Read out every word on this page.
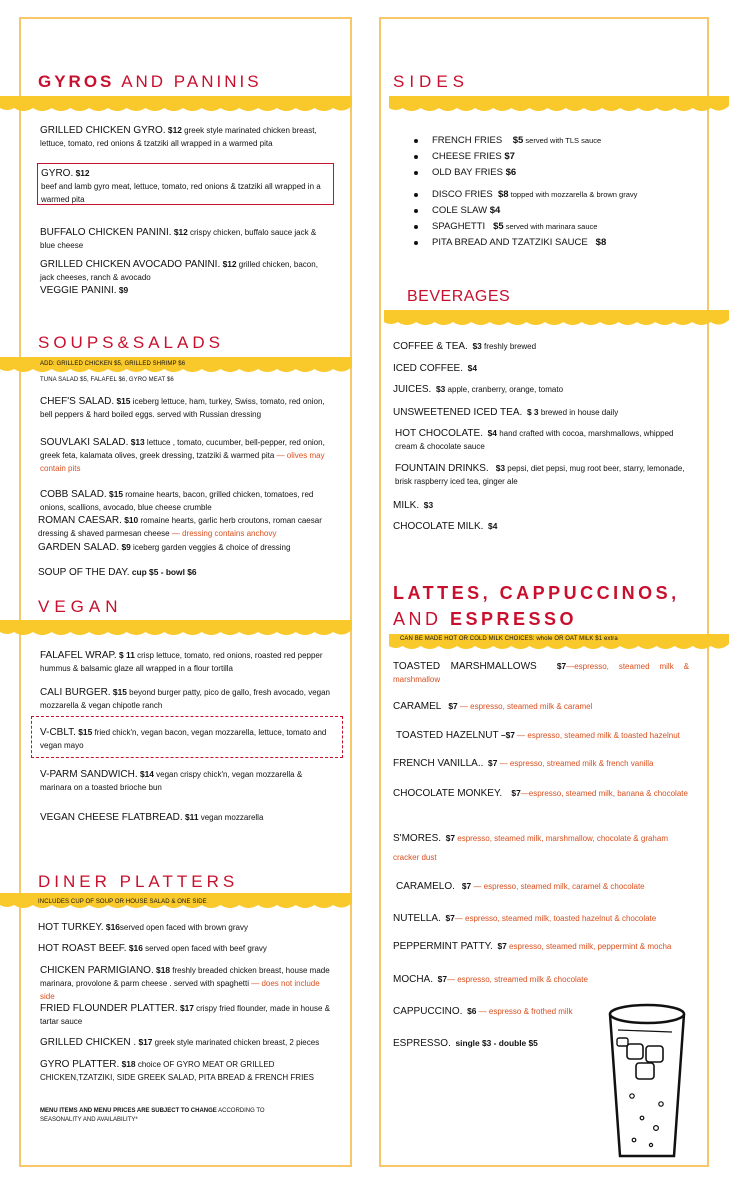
GYROS AND PANINIS
GRILLED CHICKEN GYRO. $12 greek style marinated chicken breast, lettuce, tomato, red onions & tzatziki all wrapped in a warmed pita
GYRO. $12
beef and lamb gyro meat, lettuce, tomato, red onions & tzatziki all wrapped in a warmed pita
BUFFALO CHICKEN PANINI. $12 crispy chicken, buffalo sauce jack & blue cheese
GRILLED CHICKEN AVOCADO PANINI. $12 grilled chicken, bacon, jack cheeses, ranch & avocado
VEGGIE PANINI. $9
SOUPS&SALADS
ADD: GRILLED CHICKEN $5, GRILLED SHRIMP $6
TUNA SALAD $5, FALAFEL $6, GYRO MEAT $6
CHEF'S SALAD. $15 iceberg lettuce, ham, turkey, Swiss, tomato, red onion, bell peppers & hard boiled eggs. served with Russian dressing
SOUVLAKI SALAD. $13 lettuce , tomato, cucumber, bell-pepper, red onion, greek feta, kalamata olives, greek dressing, tzatziki & warmed pita — olives may contain pits
COBB SALAD. $15 romaine hearts, bacon, grilled chicken, tomatoes, red onions, scallions, avocado, blue cheese crumble
ROMAN CAESAR. $10 romaine hearts, garlic herb croutons, roman caesar dressing & shaved parmesan cheese — dressing contains anchovy
GARDEN SALAD. $9 iceberg garden veggies & choice of dressing
SOUP OF THE DAY. cup $5 - bowl $6
VEGAN
FALAFEL WRAP. $ 11 crisp lettuce, tomato, red onions, roasted red pepper hummus & balsamic glaze all wrapped in a flour tortilla
CALI BURGER. $15 beyond burger patty, pico de gallo, fresh avocado, vegan mozzarella & vegan chipotle ranch
V-CBLT. $15 fried chick'n, vegan bacon, vegan mozzarella, lettuce, tomato and vegan mayo
V-PARM SANDWICH. $14 vegan crispy chick'n, vegan mozzarella & marinara on a toasted brioche bun
VEGAN CHEESE FLATBREAD. $11 vegan mozzarella
DINER PLATTERS
INCLUDES CUP OF SOUP OR HOUSE SALAD & ONE SIDE
HOT TURKEY. $16served open faced with brown gravy
HOT ROAST BEEF. $16 served open faced with beef gravy
CHICKEN PARMIGIANO. $18 freshly breaded chicken breast, house made marinara, provolone & parm cheese . served with spaghetti — does not include side
FRIED FLOUNDER PLATTER. $17 crispy fried flounder, made in house & tartar sauce
GRILLED CHICKEN . $17 greek style marinated chicken breast, 2 pieces
GYRO PLATTER. $18 choice OF GYRO MEAT OR GRILLED CHICKEN,TZATZIKI, SIDE GREEK SALAD, PITA BREAD & FRENCH FRIES
MENU ITEMS AND MENU PRICES ARE SUBJECT TO CHANGE ACCORDING TO SEASONALITY AND AVAILABILITY*
SIDES
FRENCH FRIES $5 served with TLS sauce
CHEESE FRIES $7
OLD BAY FRIES $6
DISCO FRIES $8 topped with mozzarella & brown gravy
COLE SLAW $4
SPAGHETTI $5 served with marinara sauce
PITA BREAD AND TZATZIKI SAUCE $8
BEVERAGES
COFFEE & TEA. $3 freshly brewed
ICED COFFEE. $4
JUICES. $3 apple, cranberry, orange, tomato
UNSWEETENED ICED TEA. $ 3 brewed in house daily
HOT CHOCOLATE. $4 hand crafted with cocoa, marshmallows, whipped cream & chocolate sauce
FOUNTAIN DRINKS. $3 pepsi, diet pepsi, mug root beer, starry, lemonade, brisk raspberry iced tea, ginger ale
MILK. $3
CHOCOLATE MILK. $4
LATTES, CAPPUCCINOS,
AND ESPRESSO
CAN BE MADE HOT OR COLD MILK CHOICES: whole OR OAT MILK $1 extra
TOASTED MARSHMALLOWS $7—espresso, steamed milk & marshmallow
CARAMEL $7 — espresso, steamed milk & caramel
TOASTED HAZELNUT –$7 — espresso, steamed milk & toasted hazelnut
FRENCH VANILLA.. $7 — espresso, streamed milk & french vanilla
CHOCOLATE MONKEY. $7—espresso, steamed milk, banana & chocolate
S'MORES. $7 espresso, steamed milk, marshmallow, chocolate & graham cracker dust
CARAMELO. $7 — espresso, steamed milk, caramel & chocolate
NUTELLA. $7— espresso, steamed milk, toasted hazelnut & chocolate
PEPPERMINT PATTY. $7 espresso, steamed milk, peppermint & mocha
MOCHA. $7— espresso, streamed milk & chocolate
CAPPUCCINO. $6 — espresso & frothed milk
ESPRESSO. single $3 - double $5
